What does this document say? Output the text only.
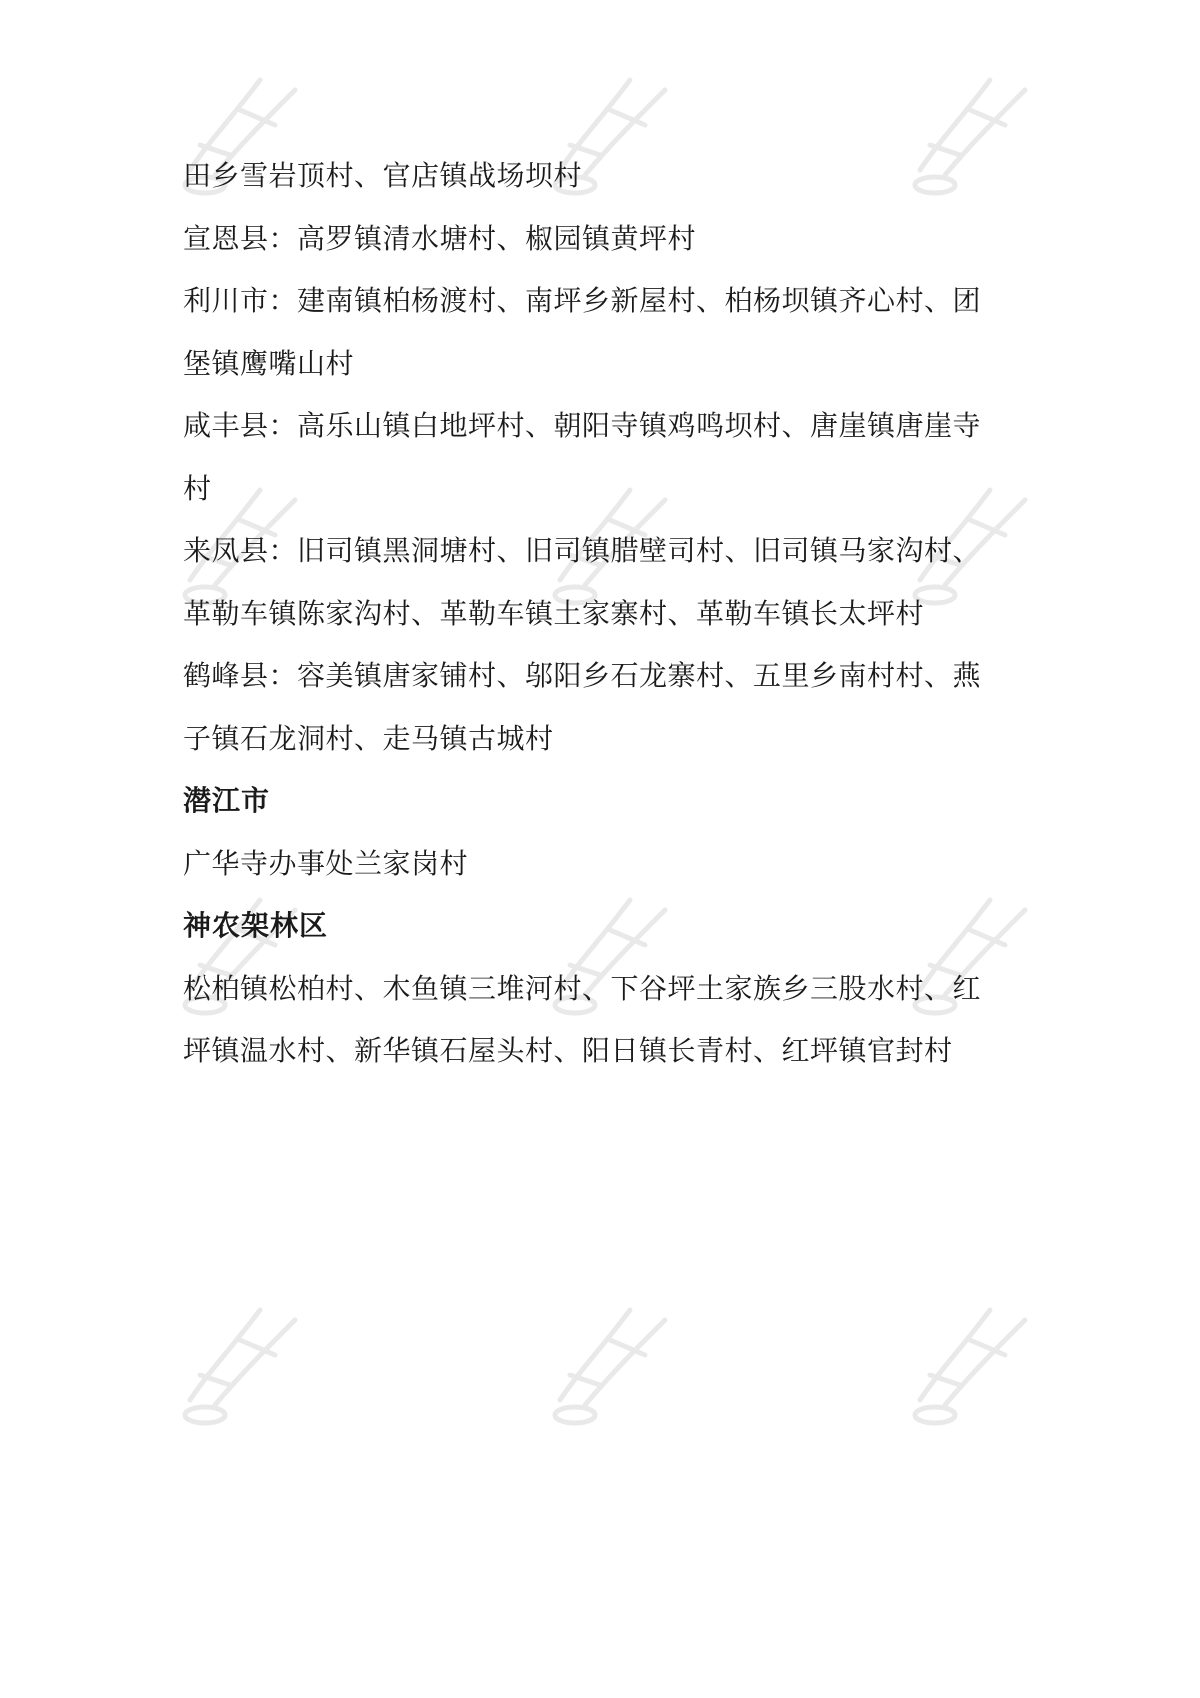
田乡雪岩顶村、官店镇战场坝村
宣恩县：高罗镇清水塘村、椒园镇黄坪村
利川市：建南镇柏杨渡村、南坪乡新屋村、柏杨坝镇齐心村、团
堡镇鹰嘴山村
咸丰县：高乐山镇白地坪村、朝阳寺镇鸡鸣坝村、唐崖镇唐崖寺
村
来凤县：旧司镇黑洞塘村、旧司镇腊壁司村、旧司镇马家沟村、
革勒车镇陈家沟村、革勒车镇土家寨村、革勒车镇长太坪村
鹤峰县：容美镇唐家铺村、邬阳乡石龙寨村、五里乡南村村、燕
子镇石龙洞村、走马镇古城村
潜江市
广华寺办事处兰家岗村
神农架林区
松柏镇松柏村、木鱼镇三堆河村、下谷坪土家族乡三股水村、红
坪镇温水村、新华镇石屋头村、阳日镇长青村、红坪镇官封村
